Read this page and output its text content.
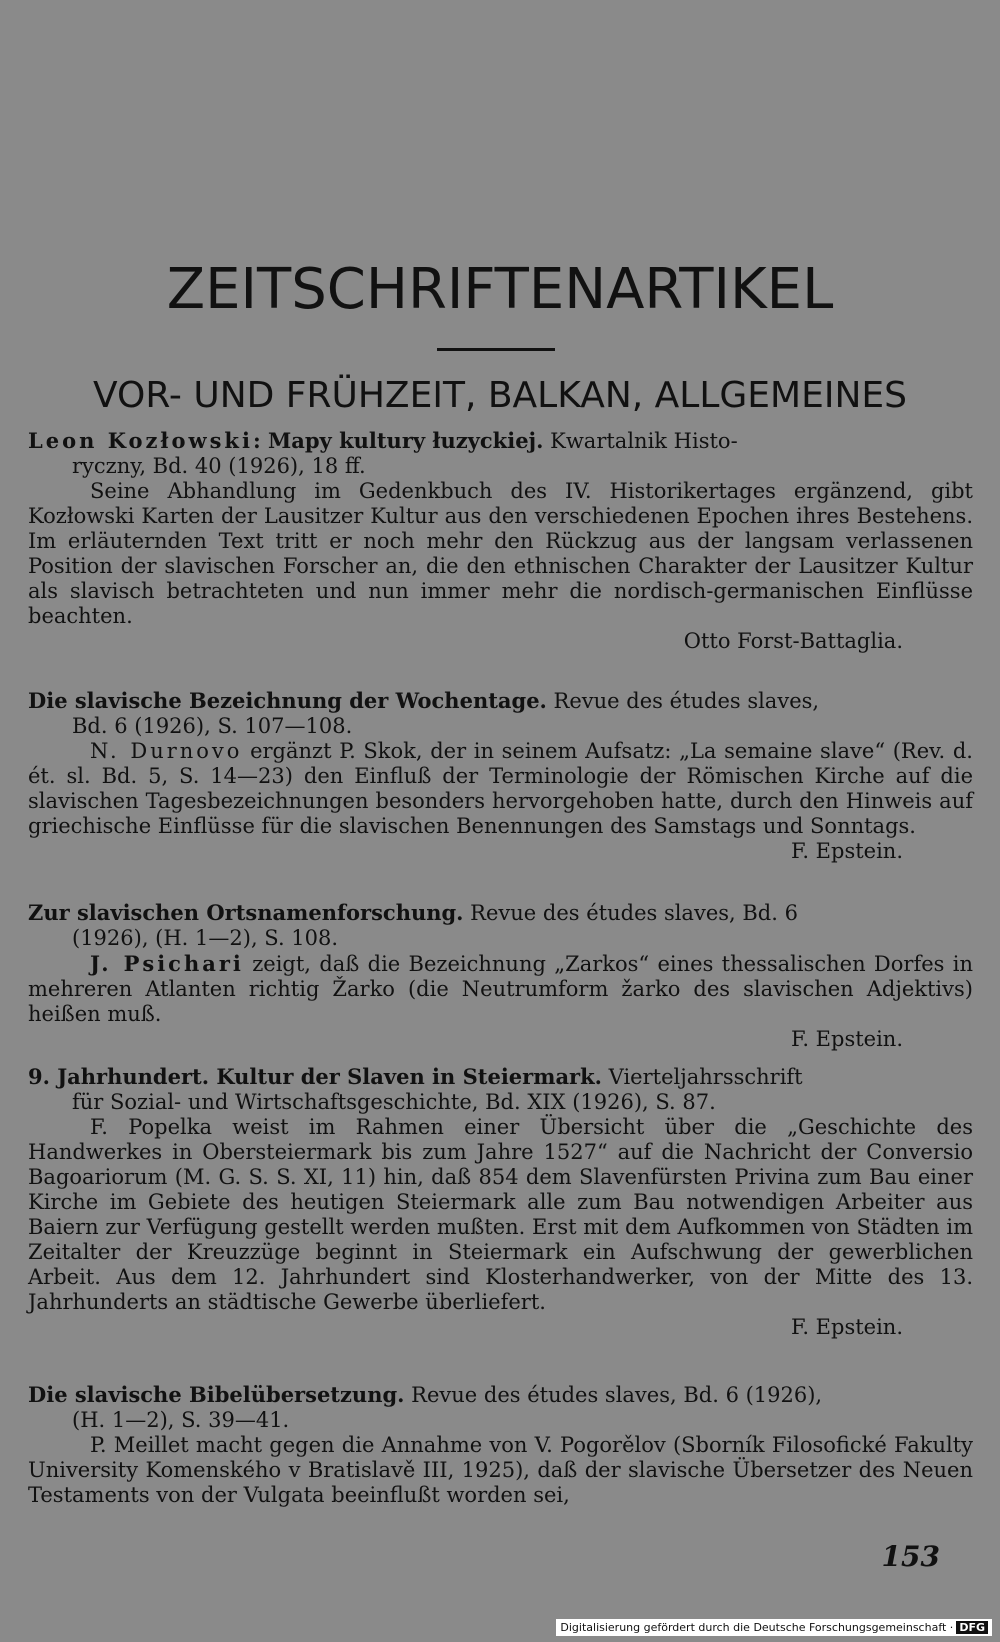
ZEITSCHRIFTENARTIKEL
VOR- UND FRÜHZEIT, BALKAN, ALLGEMEINES
Leon Kozłowski: Mapy kultury łuzyckiej. Kwartalnik Histo-
ryczny, Bd. 40 (1926), 18 ff.

Seine Abhandlung im Gedenkbuch des IV. Historikertages ergänzend, gibt Kozłowski Karten der Lausitzer Kultur aus den verschiedenen Epochen ihres Bestehens. Im erläuternden Text tritt er noch mehr den Rückzug aus der langsam verlassenen Position der slavischen Forscher an, die den ethnischen Charakter der Lausitzer Kultur als slavisch betrachteten und nun immer mehr die nordisch-germanischen Einflüsse beachten.

Otto Forst-Battaglia.
Die slavische Bezeichnung der Wochentage. Revue des études slaves,
Bd. 6 (1926), S. 107—108.

N. Durnovo ergänzt P. Skok, der in seinem Aufsatz: „La semaine slave“ (Rev. d. ét. sl. Bd. 5, S. 14—23) den Einfluß der Terminologie der Römischen Kirche auf die slavischen Tagesbezeichnungen besonders hervorgehoben hatte, durch den Hinweis auf griechische Einflüsse für die slavischen Benennungen des Samstags und Sonntags.

F. Epstein.
Zur slavischen Ortsnamenforschung. Revue des études slaves, Bd. 6
(1926), (H. 1—2), S. 108.

J. Psichari zeigt, daß die Bezeichnung „Zarkos“ eines thessalischen Dorfes in mehreren Atlanten richtig Žarko (die Neutrumform žarko des slavischen Adjektivs) heißen muß.

F. Epstein.
9. Jahrhundert. Kultur der Slaven in Steiermark. Vierteljahrsschrift
für Sozial- und Wirtschaftsgeschichte, Bd. XIX (1926), S. 87.

F. Popelka weist im Rahmen einer Übersicht über die „Geschichte des Handwerkes in Obersteiermark bis zum Jahre 1527“ auf die Nachricht der Conversio Bagoariorum (M. G. S. S. XI, 11) hin, daß 854 dem Slavenfürsten Privina zum Bau einer Kirche im Gebiete des heutigen Steiermark alle zum Bau notwendigen Arbeiter aus Baiern zur Verfügung gestellt werden mußten. Erst mit dem Aufkommen von Städten im Zeitalter der Kreuzzüge beginnt in Steiermark ein Aufschwung der gewerblichen Arbeit. Aus dem 12. Jahrhundert sind Klosterhandwerker, von der Mitte des 13. Jahrhunderts an städtische Gewerbe überliefert.

F. Epstein.
Die slavische Bibelübersetzung. Revue des études slaves, Bd. 6 (1926),
(H. 1—2), S. 39—41.

P. Meillet macht gegen die Annahme von V. Pogorělov (Sborník Filosofické Fakulty University Komenského v Bratislavě III, 1925), daß der slavische Übersetzer des Neuen Testaments von der Vulgata beeinflußt worden sei,

153
Digitalisierung gefördert durch die Deutsche Forschungsgemeinschaft · DFG
